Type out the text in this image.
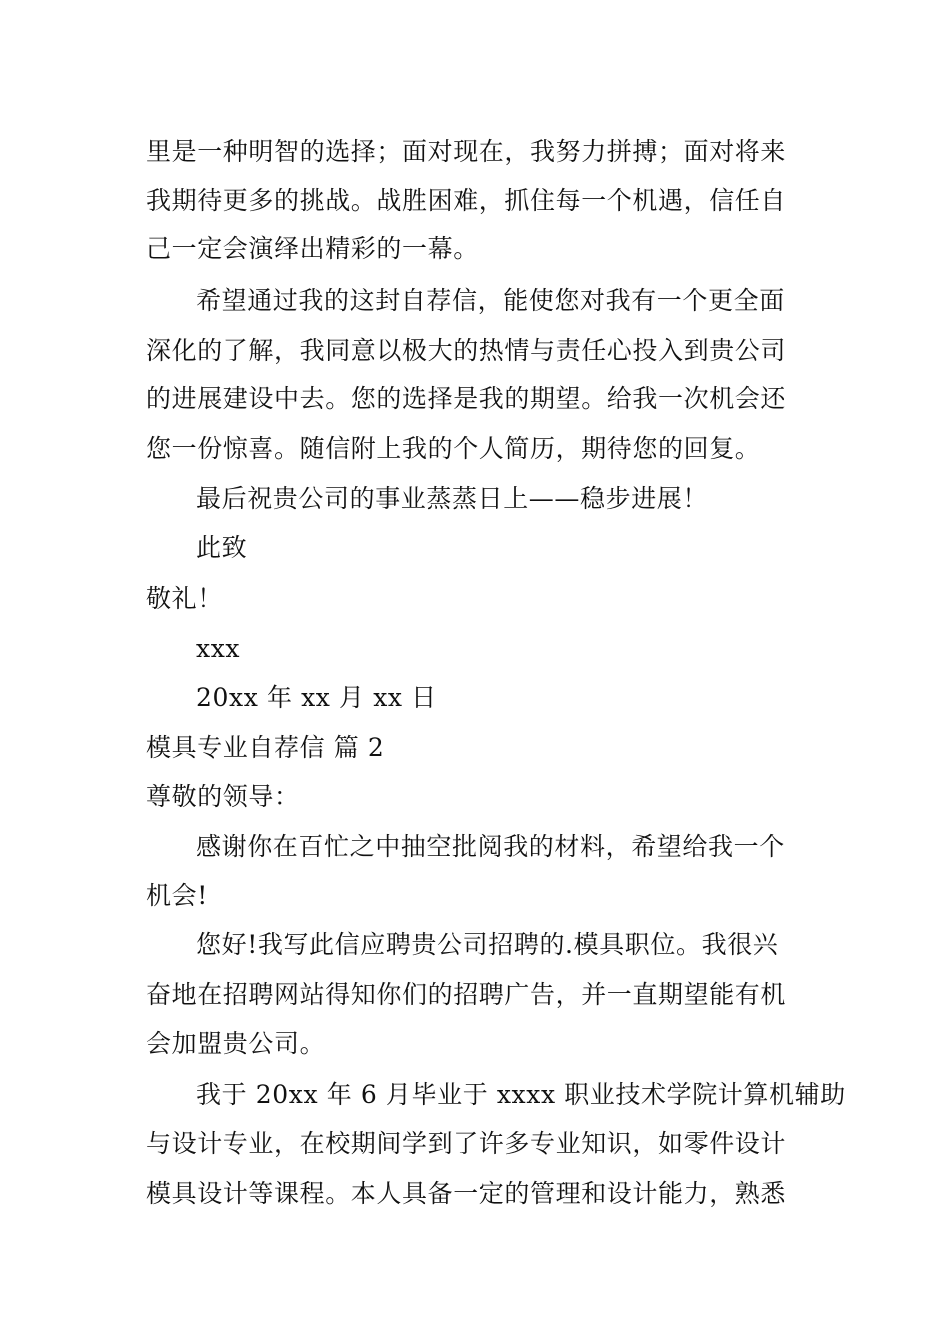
里是一种明智的选择；面对现在，我努力拼搏；面对将来
我期待更多的挑战。战胜困难，抓住每一个机遇，信任自
己一定会演绎出精彩的一幕。
希望通过我的这封自荐信，能使您对我有一个更全面
深化的了解，我同意以极大的热情与责任心投入到贵公司
的进展建设中去。您的选择是我的期望。给我一次机会还
您一份惊喜。随信附上我的个人简历，期待您的回复。
最后祝贵公司的事业蒸蒸日上——稳步进展！
此致
敬礼！
xxx
20xx 年 xx 月 xx 日
模具专业自荐信 篇 2
尊敬的领导：
感谢你在百忙之中抽空批阅我的材料，希望给我一个
机会!
您好!我写此信应聘贵公司招聘的.模具职位。我很兴
奋地在招聘网站得知你们的招聘广告，并一直期望能有机
会加盟贵公司。
我于 20xx 年 6 月毕业于 xxxx 职业技术学院计算机辅助
与设计专业，在校期间学到了许多专业知识，如零件设计
模具设计等课程。本人具备一定的管理和设计能力，熟悉
